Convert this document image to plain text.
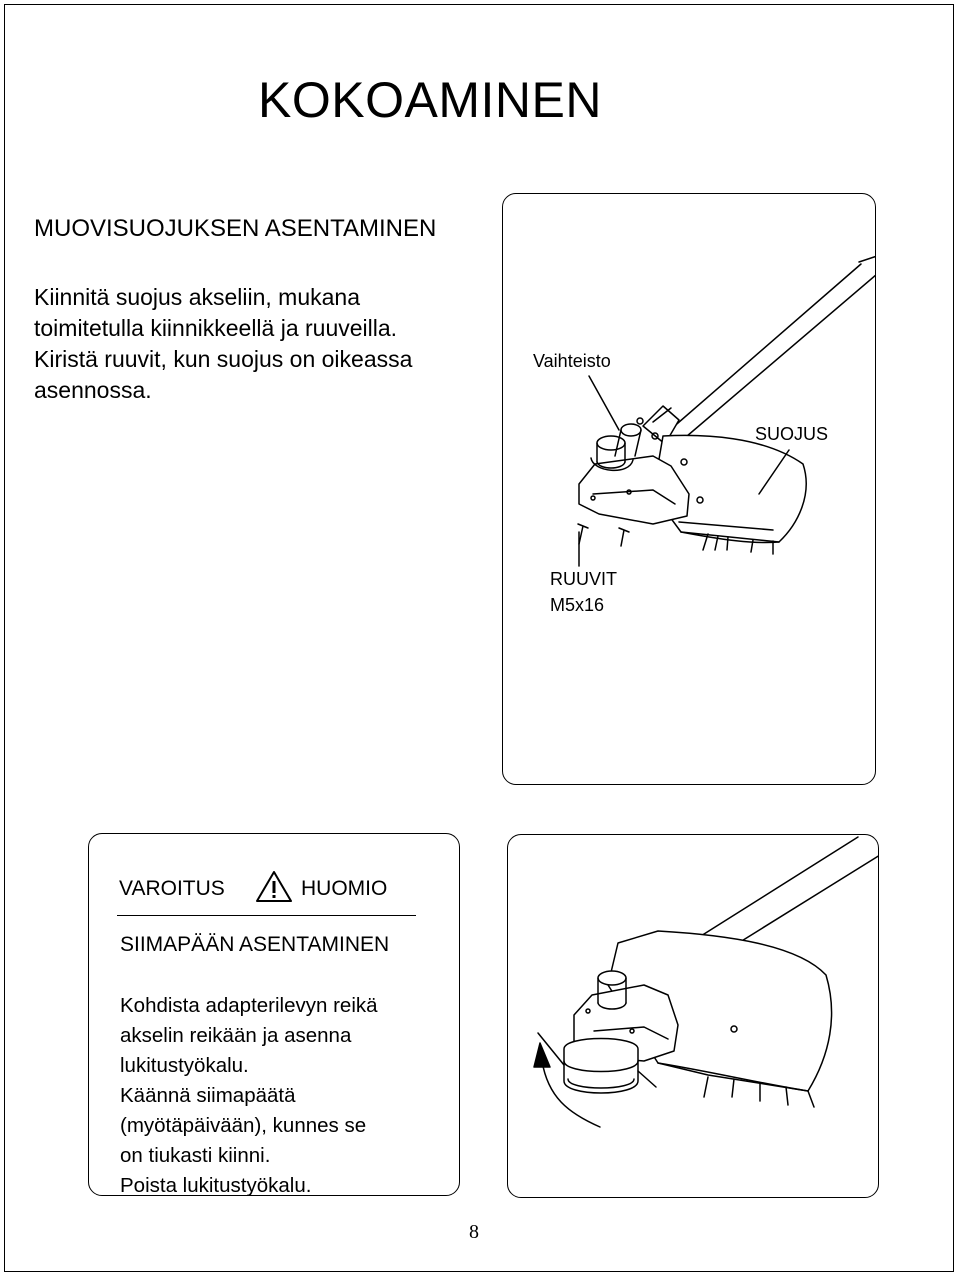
KOKOAMINEN
MUOVISUOJUKSEN ASENTAMINEN
Kiinnitä suojus akseliin, mukana
toimitetulla kiinnikkeellä ja ruuveilla.
Kiristä ruuvit, kun suojus on oikeassa
asennossa.
Vaihteisto
SUOJUS
RUUVIT
M5x16
VAROITUS	HUOMIO
SIIMAPÄÄN ASENTAMINEN
Kohdista adapterilevyn reikä
akselin reikään ja asenna
lukitustyökalu.
Käännä siimapäätä
(myötäpäivään), kunnes se
on tiukasti kiinni.
Poista lukitustyökalu.
8
